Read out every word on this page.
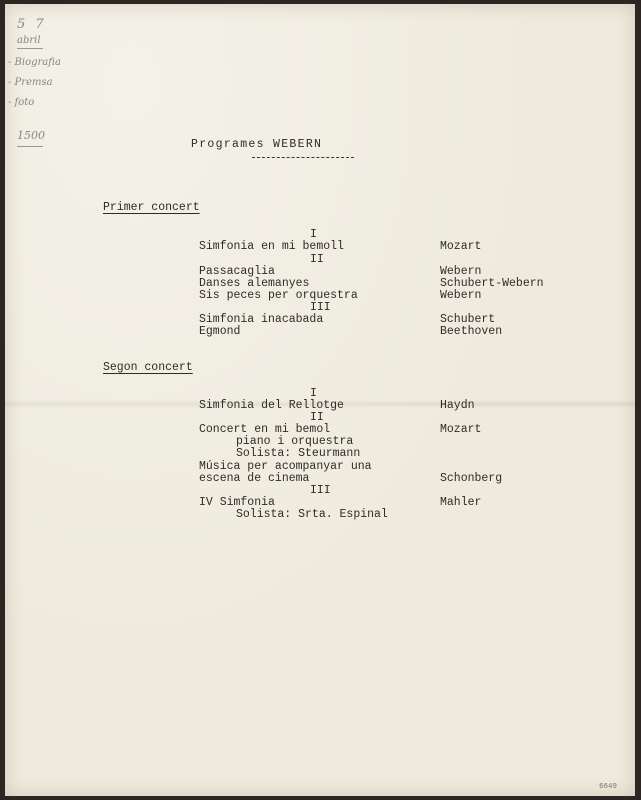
5 7
abril
- Biografia
- Premsa
- foto
1500
Programes WEBERN
Primer concert
I
Simfonia en mi bemoll	Mozart
II
Passacaglia	Webern
Danses alemanyes	Schubert-Webern
Sis peces per orquestra	Webern
III
Simfonia inacabada	Schubert
Egmond	Beethoven
Segon concert
I
Simfonia del Rellotge	Haydn
II
Concert en mi bemol	Mozart
piano i orquestra
Solista: Steurmann
Música per acompanyar una
escena de cinema	Schonberg
III
IV Simfonia	Mahler
Solista: Srta. Espinal
6649
